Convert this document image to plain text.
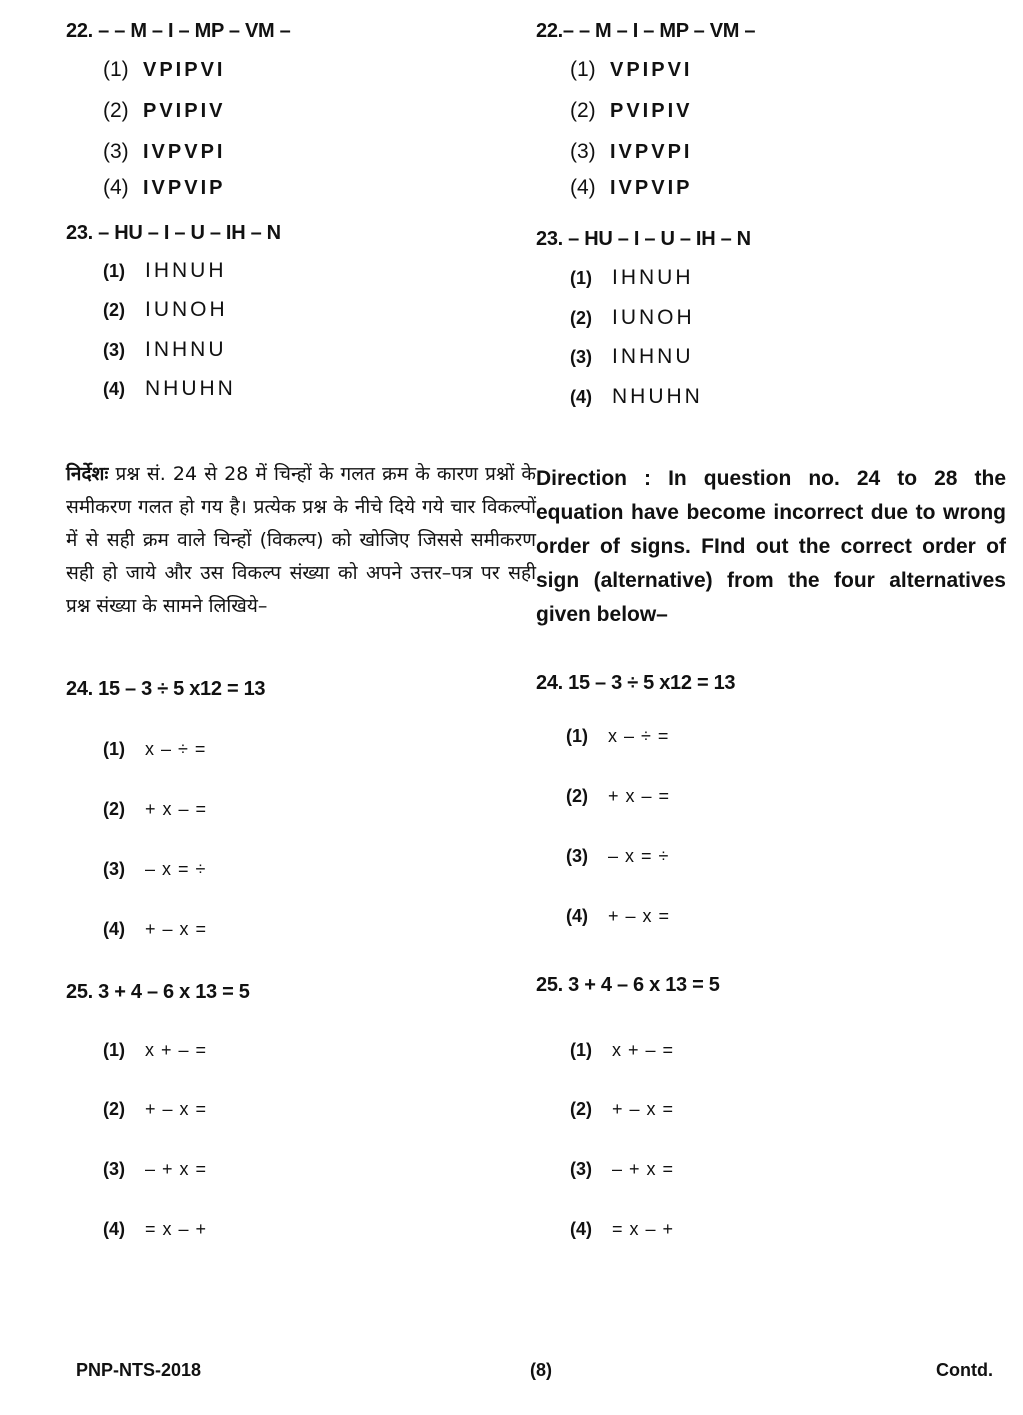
22. – – M – I – MP – VM –
(1) VPIPVI
(2) PVIPIV
(3) IVPVPI
(4) IVPVIP
23. – HU – I – U – IH – N
(1) IHNUH
(2) IUNOH
(3) INHNU
(4) NHUHN
निर्देशः प्रश्न सं. 24 से 28 में चिन्हों के गलत क्रम के कारण प्रश्नों के समीकरण गलत हो गय है। प्रत्येक प्रश्न के नीचे दिये गये चार विकल्पों में से सही क्रम वाले चिन्हों (विकल्प) को खोजिए जिससे समीकरण सही हो जाये और उस विकल्प संख्या को अपने उत्तर–पत्र पर सही प्रश्न संख्या के सामने लिखिये–
24. 15 – 3 ÷ 5 x12 = 13
(1) x – ÷ =
(2) + x – =
(3) – x = ÷
(4) + – x =
25. 3 + 4 – 6 x 13 = 5
(1) x + – =
(2) + – x =
(3) – + x =
(4) = x – +
22.– – M – I – MP – VM –
(1) VPIPVI
(2) PVIPIV
(3) IVPVPI
(4) IVPVIP
23. – HU – I – U – IH – N
(1) IHNUH
(2) IUNOH
(3) INHNU
(4) NHUHN
Direction : In question no. 24 to 28 the equation have become incorrect due to wrong order of signs. FInd out the correct order of sign (alternative) from the four alternatives given below–
24. 15 – 3 ÷ 5 x12 = 13
(1) x – ÷ =
(2) + x – =
(3) – x = ÷
(4) + – x =
25. 3 + 4 – 6 x 13 = 5
(1) x + – =
(2) + – x =
(3) – + x =
(4) = x – +
PNP-NTS-2018	(8)	Contd.
